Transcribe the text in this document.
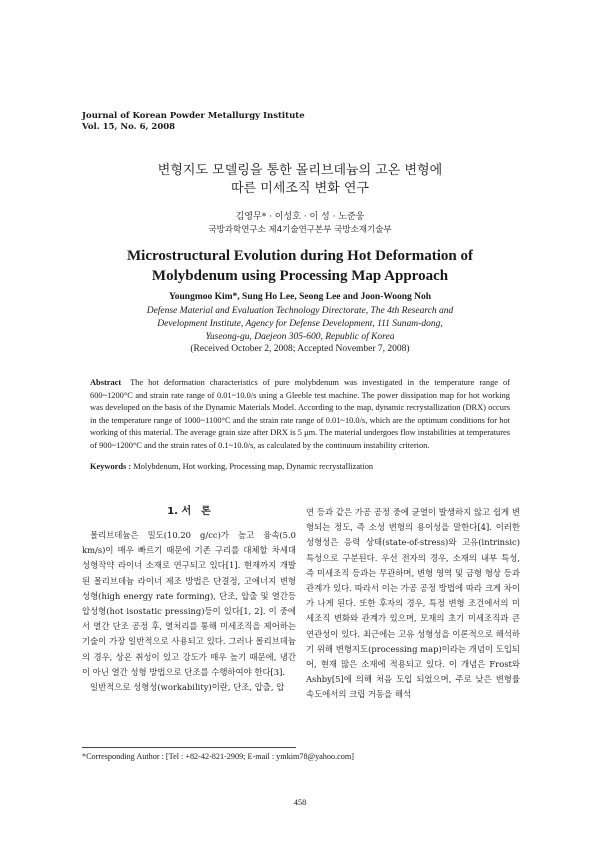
Journal of Korean Powder Metallurgy Institute
Vol. 15, No. 6, 2008
변형지도 모델링을 통한 몰리브데늄의 고온 변형에
따른 미세조직 변화 연구
김영무* · 이성호 · 이 성 · 노준웅
국방과학연구소 제4기술연구본부 국방소재기술부
Microstructural Evolution during Hot Deformation of
Molybdenum using Processing Map Approach
Youngmoo Kim*, Sung Ho Lee, Seong Lee and Joon-Woong Noh
Defense Material and Evaluation Technology Directorate, The 4th Research and
Development Institute, Agency for Defense Development, 111 Sunam-dong,
Yuseong-gu, Daejeon 305-600, Republic of Korea
(Received October 2, 2008; Accepted November 7, 2008)
Abstract The hot deformation characteristics of pure molybdenum was investigated in the temperature range of 600~1200°C and strain rate range of 0.01~10.0/s using a Gleeble test machine. The power dissipation map for hot working was developed on the basis of the Dynamic Materials Model. According to the map, dynamic recrystallization (DRX) occurs in the temperature range of 1000~1100°C and the strain rate range of 0.01~10.0/s, which are the optimum conditions for hot working of this material. The average grain size after DRX is 5 μm. The material undergoes flow instabilities at temperatures of 900~1200°C and the strain rates of 0.1~10.0/s, as calculated by the continuum instability criterion.
Keywords : Molybdenum, Hot working, Processing map, Dynamic recrystallization
1. 서　론

몰리브데늄은 밀도(10.20 g/cc)가 높고 융속(5.0 km/s)이 매우 빠르기 때문에 기존 구리를 대체할 차세대 성형작약 라이너 소재로 연구되고 있다[1]. 현재까지 개발된 몰리브데늄 라이너 제조 방법은 단결정, 고에너지 변형성형(high energy rate forming), 단조, 압출 및 열간등압성형(hot isostatic pressing)등이 있다[1, 2]. 이 중에서 열간 단조 공정 후, 열처리를 통해 미세조직을 제어하는 기술이 가장 일반적으로 사용되고 있다. 그러나 몰리브데늄의 경우, 상온 취성이 있고 강도가 매우 높기 때문에, 냉간이 아닌 열간 성형 방법으로 단조를 수행하여야 한다[3].

일반적으로 성형성(workability)이란, 단조, 압출, 압

연 등과 같은 가공 공정 중에 균열이 발생하지 않고 쉽게 변형되는 정도, 즉 소성 변형의 용이성을 말한다[4]. 이러한 성형성은 응력 상태(state-of-stress)와 고유(intrinsic) 특성으로 구분된다. 우선 전자의 경우, 소재의 내부 특성, 즉 미세조직 등과는 무관하며, 변형 영역 및 금형 형상 등과 관계가 있다. 따라서 이는 가공 공정 방법에 따라 크게 차이가 나게 된다. 또한 후자의 경우, 특정 변형 조건에서의 미세조직 변화와 관계가 있으며, 모재의 초기 미세조직과 큰 연관성이 있다. 최근에는 고유 성형성을 이론적으로 해석하기 위해 변형지도(processing map)이라는 개념이 도입되어, 현재 많은 소재에 적용되고 있다. 이 개념은 Frost와 Ashby[5]에 의해 처음 도입 되었으며, 주로 낮은 변형률 속도에서의 크립 거동을 해석

*Corresponding Author : [Tel : +82-42-821-2909; E-mail : ymkim78@yahoo.com]
458
